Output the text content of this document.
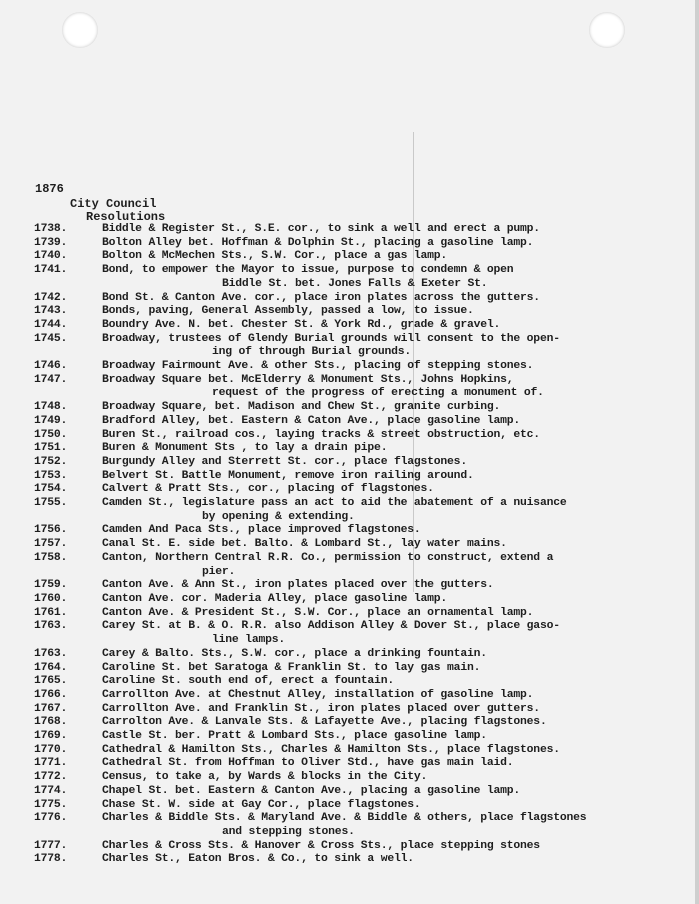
1876
City Council
Resolutions
1738.	Biddle & Register St., S.E. cor., to sink a well and erect a pump.
1739.	Bolton Alley bet. Hoffman & Dolphin St., placing a gasoline lamp.
1740.	Bolton & McMechen Sts., S.W. Cor., place a gas lamp.
1741.	Bond, to empower the Mayor to issue, purpose to condemn & open
Biddle St. bet. Jones Falls & Exeter St.
1742.	Bond St. & Canton Ave. cor., place iron plates across the gutters.
1743.	Bonds, paving, General Assembly, passed a low, to issue.
1744.	Boundry Ave. N. bet. Chester St. & York Rd., grade & gravel.
1745.	Broadway, trustees of Glendy Burial grounds will consent to the open-
ing of through Burial grounds.
1746.	Broadway Fairmount Ave. & other Sts., placing of stepping stones.
1747.	Broadway Square bet. McElderry & Monument Sts., Johns Hopkins,
request of the progress of erecting a monument of.
1748.	Broadway Square, bet. Madison and Chew St., granite curbing.
1749.	Bradford Alley, bet. Eastern & Caton Ave., place gasoline lamp.
1750.	Buren St., railroad cos., laying tracks & street obstruction, etc.
1751.	Buren & Monument Sts , to lay a drain pipe.
1752.	Burgundy Alley and Sterrett St. cor., place flagstones.
1753.	Belvert St. Battle Monument, remove iron railing around.
1754.	Calvert & Pratt Sts., cor., placing of flagstones.
1755.	Camden St., legislature pass an act to aid the abatement of a nuisance
by opening & extending.
1756.	Camden And Paca Sts., place improved flagstones.
1757.	Canal St. E. side bet. Balto. & Lombard St., lay water mains.
1758.	Canton, Northern Central R.R. Co., permission to construct, extend a
pier.
1759.	Canton Ave. & Ann St., iron plates placed over the gutters.
1760.	Canton Ave. cor. Maderia Alley, place gasoline lamp.
1761.	Canton Ave. & President St., S.W. Cor., place an ornamental lamp.
1763.	Carey St. at B. & O. R.R. also Addison Alley & Dover St., place gaso-
line lamps.
1763.	Carey & Balto. Sts., S.W. cor., place a drinking fountain.
1764.	Caroline St. bet Saratoga & Franklin St. to lay gas main.
1765.	Caroline St. south end of, erect a fountain.
1766.	Carrollton Ave. at Chestnut Alley, installation of gasoline lamp.
1767.	Carrollton Ave. and Franklin St., iron plates placed over gutters.
1768.	Carrolton Ave. & Lanvale Sts. & Lafayette Ave., placing flagstones.
1769.	Castle St. ber. Pratt & Lombard Sts., place gasoline lamp.
1770.	Cathedral & Hamilton Sts., Charles & Hamilton Sts., place flagstones.
1771.	Cathedral St. from Hoffman to Oliver Std., have gas main laid.
1772.	Census, to take a, by Wards & blocks in the City.
1774.	Chapel St. bet. Eastern & Canton Ave., placing a gasoline lamp.
1775.	Chase St. W. side at Gay Cor., place flagstones.
1776.	Charles & Biddle Sts. & Maryland Ave. & Biddle & others, place flagstones
and stepping stones.
1777.	Charles & Cross Sts. & Hanover & Cross Sts., place stepping stones
1778.	Charles St., Eaton Bros. & Co., to sink a well.
